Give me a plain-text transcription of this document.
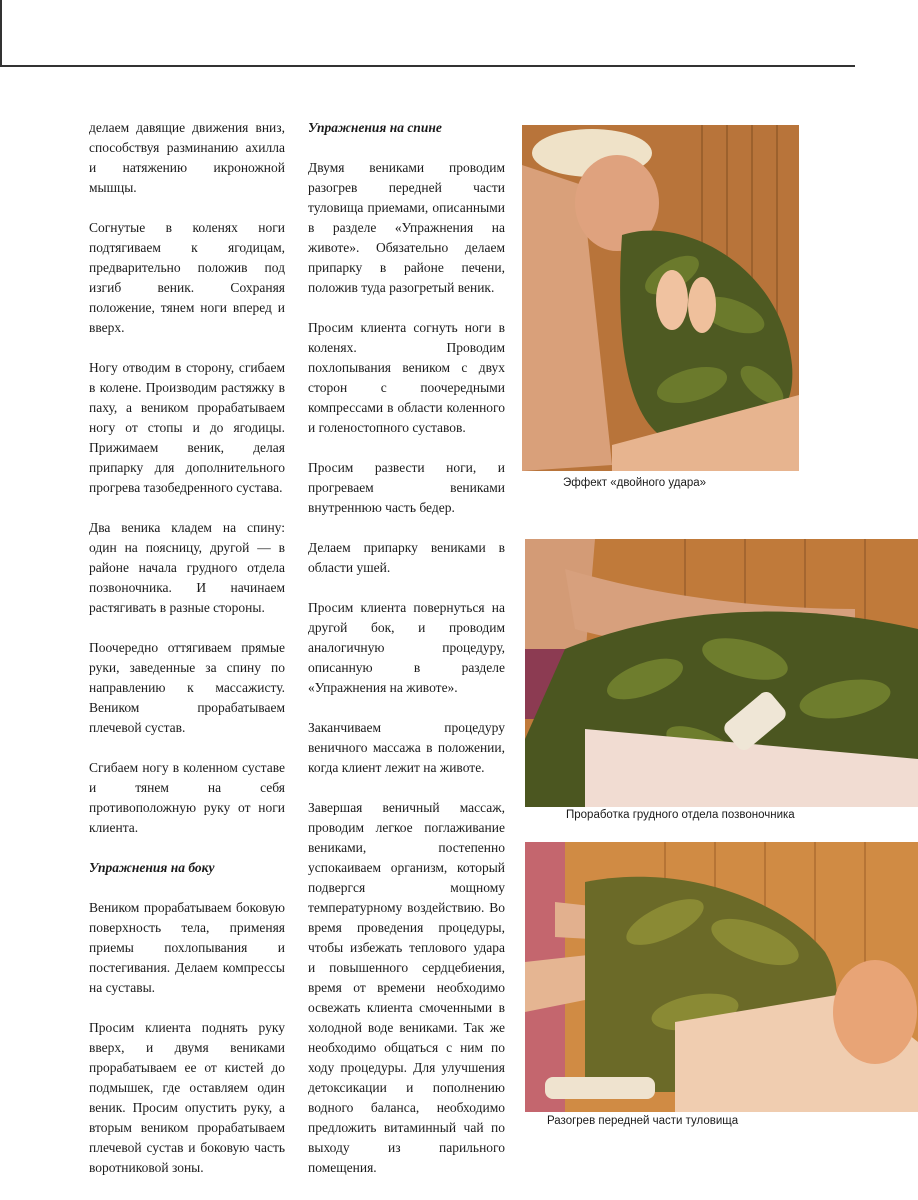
делаем давящие движения вниз, способствуя разминанию ахилла и натяжению икроножной мышцы.

Согнутые в коленях ноги подтягиваем к ягодицам, предварительно положив под изгиб веник. Сохраняя положение, тянем ноги вперед и вверх.

Ногу отводим в сторону, сгибаем в колене. Производим растяжку в паху, а веником прорабатываем ногу от стопы и до ягодицы. Прижимаем веник, делая припарку для дополнительного прогрева тазобедренного сустава.

Два веника кладем на спину: один на поясницу, другой — в районе начала грудного отдела позвоночника. И начинаем растягивать в разные стороны.

Поочередно оттягиваем прямые руки, заведенные за спину по направлению к массажисту. Веником прорабатываем плечевой сустав.

Сгибаем ногу в коленном суставе и тянем на себя противоположную руку от ноги клиента.

Упражнения на боку

Веником прорабатываем боковую поверхность тела, применяя приемы похлопывания и постегивания. Делаем компрессы на суставы.

Просим клиента поднять руку вверх, и двумя вениками прорабатываем ее от кистей до подмышек, где оставляем один веник. Просим опустить руку, а вторым веником прорабатываем плечевой сустав и боковую часть воротниковой зоны.

Упражнения на спине

Двумя вениками проводим разогрев передней части туловища приемами, описанными в разделе «Упражнения на животе». Обязательно делаем припарку в районе печени, положив туда разогретый веник.

Просим клиента согнуть ноги в коленях. Проводим похлопывания веником с двух сторон с поочередными компрессами в области коленного и голеностопного суставов.

Просим развести ноги, и прогреваем вениками внутреннюю часть бедер.

Делаем припарку вениками в области ушей.

Просим клиента повернуться на другой бок, и проводим аналогичную процедуру, описанную в разделе «Упражнения на животе».

Заканчиваем процедуру веничного массажа в положении, когда клиент лежит на животе.

Завершая веничный массаж, проводим легкое поглаживание вениками, постепенно успокаиваем организм, который подвергся мощному температурному воздействию. Во время проведения процедуры, чтобы избежать теплового удара и повышенного сердцебиения, время от времени необходимо освежать клиента смоченными в холодной воде вениками. Так же необходимо общаться с ним по ходу процедуры. Для улучшения детоксикации и пополнению водного баланса, необходимо предложить витаминный чай по выходу из парильного помещения.

Эффект «двойного удара»
Проработка грудного отдела позвоночника
Разогрев передней части туловища
